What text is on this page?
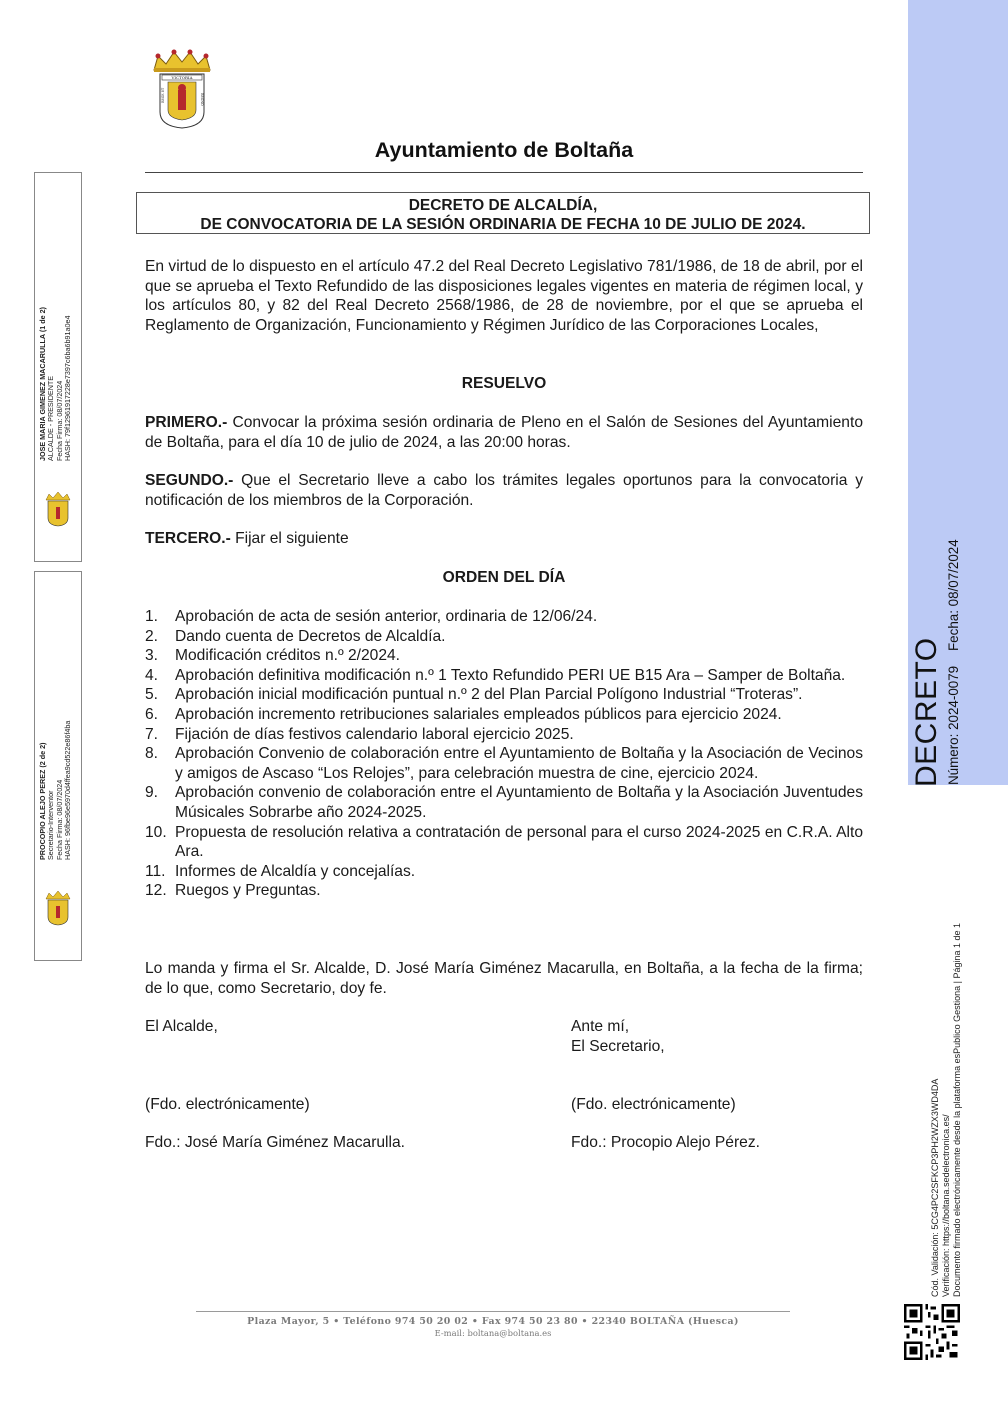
VICTORIA
REGE ET	REGNO
Ayuntamiento de Boltaña
DECRETO DE ALCALDÍA,
DE CONVOCATORIA DE LA SESIÓN ORDINARIA DE FECHA 10 DE JULIO DE 2024.
En virtud de lo dispuesto en el artículo 47.2 del Real Decreto Legislativo 781/1986, de 18 de abril, por el que se aprueba el Texto Refundido de las disposiciones legales vigentes en materia de régimen local, y los artículos 80, y 82 del Real Decreto 2568/1986, de 28 de noviembre, por el que se aprueba el Reglamento de Organización, Funcionamiento y Régimen Jurídico de las Corporaciones Locales,
RESUELVO
PRIMERO.- Convocar la próxima sesión ordinaria de Pleno en el Salón de Sesiones del Ayuntamiento de Boltaña, para el día 10 de julio de 2024, a las 20:00 horas.
SEGUNDO.- Que el Secretario lleve a cabo los trámites legales oportunos para la convocatoria y notificación de los miembros de la Corporación.
TERCERO.- Fijar el siguiente
ORDEN DEL DÍA
1. Aprobación de acta de sesión anterior, ordinaria de 12/06/24.
2. Dando cuenta de Decretos de Alcaldía.
3. Modificación créditos n.º 2/2024.
4. Aprobación definitiva modificación n.º 1 Texto Refundido PERI UE B15 Ara – Samper de Boltaña.
5. Aprobación inicial modificación puntual n.º 2 del Plan Parcial Polígono Industrial “Troteras”.
6. Aprobación incremento retribuciones salariales empleados públicos para ejercicio 2024.
7. Fijación de días festivos calendario laboral ejercicio 2025.
8. Aprobación Convenio de colaboración entre el Ayuntamiento de Boltaña y la Asociación de Vecinos y amigos de Ascaso “Los Relojes”, para celebración muestra de cine, ejercicio 2024.
9. Aprobación convenio de colaboración entre el Ayuntamiento de Boltaña y la Asociación Juventudes Músicales Sobrarbe año 2024-2025.
10. Propuesta de resolución relativa a contratación de personal para el curso 2024-2025 en C.R.A. Alto Ara.
11. Informes de Alcaldía y concejalías.
12. Ruegos y Preguntas.
Lo manda y firma el Sr. Alcalde, D. José María Giménez Macarulla, en Boltaña, a la fecha de la firma; de lo que, como Secretario, doy fe.
El Alcalde,	Ante mí,
El Secretario,
(Fdo. electrónicamente)	(Fdo. electrónicamente)
Fdo.: José María Giménez Macarulla.	Fdo.: Procopio Alejo Pérez.
JOSE MARIA GIMENEZ MACARULLA (1 de 2) ALCALDE - PRESIDENTE Fecha Firma: 08/07/2024 HASH: 79f12961917228e7397c6ba6b91a0e4
PROCOPIO ALEJO PEREZ (2 de 2) Secretario-Interventor Fecha Firma: 08/07/2024 HASH: 96fbe96e5970d4ffea9cd522e86f4ba
DECRETO Número: 2024-0079    Fecha: 08/07/2024
Cód. Validación: 5CG4PC2SFKCP3PH2WZX3WD4DA Verificación: https://boltana.sedelectronica.es/ Documento firmado electrónicamente desde la plataforma esPublico Gestiona | Página 1 de 1
Plaza Mayor, 5 • Teléfono 974 50 20 02 • Fax 974 50 23 80 • 22340 BOLTAÑA (Huesca)
E-mail: boltana@boltana.es
